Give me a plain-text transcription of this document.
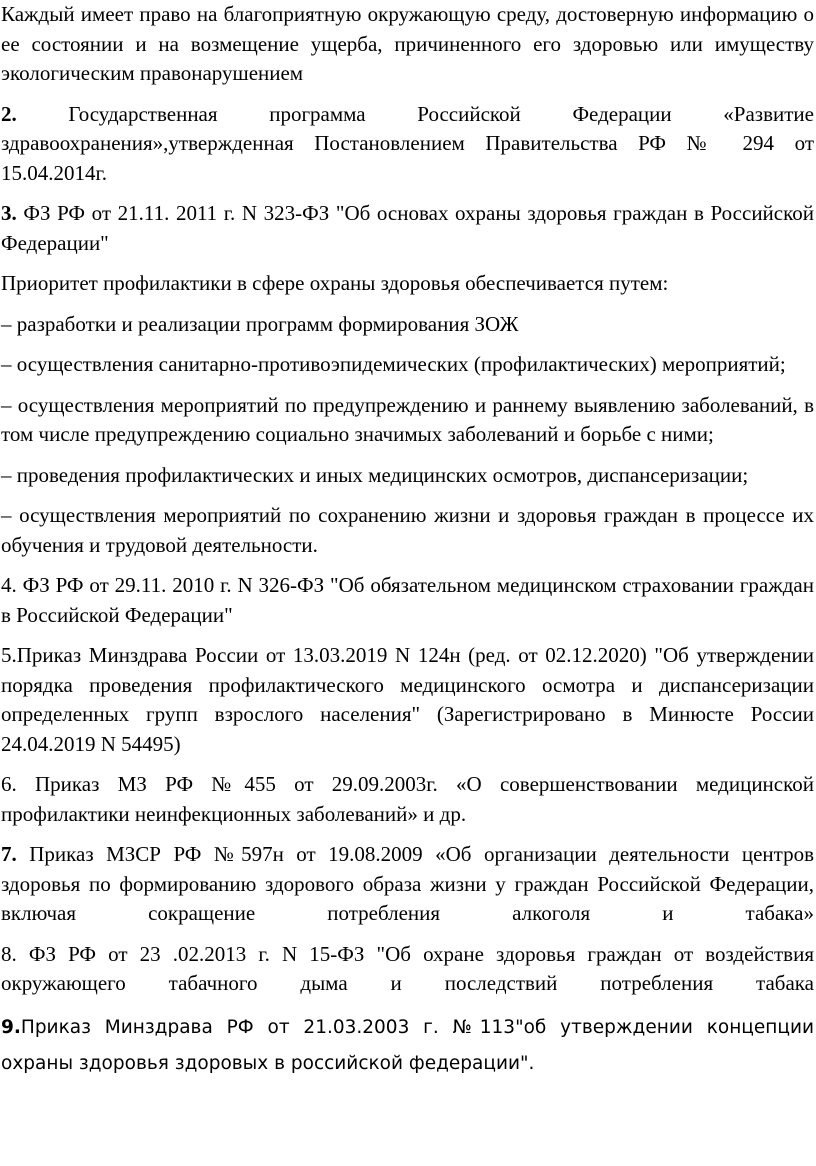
Каждый имеет право на благоприятную окружающую среду, достоверную информацию о ее состоянии и на возмещение ущерба, причиненного его здоровью или имуществу экологическим правонарушением

2. Государственная программа Российской Федерации «Развитие здравоохранения»,утвержденная Постановлением Правительства РФ № 294 от 15.04.2014г.

3. ФЗ РФ от 21.11. 2011 г. N 323-ФЗ "Об основах охраны здоровья граждан в Российской Федерации"

Приоритет профилактики в сфере охраны здоровья обеспечивается путем:

– разработки и реализации программ формирования ЗОЖ

– осуществления санитарно-противоэпидемических (профилактических) мероприятий;

– осуществления мероприятий по предупреждению и раннему выявлению заболеваний, в том числе предупреждению социально значимых заболеваний и борьбе с ними;

– проведения профилактических и иных медицинских осмотров, диспансеризации;

– осуществления мероприятий по сохранению жизни и здоровья граждан в процессе их обучения и трудовой деятельности.

4. ФЗ РФ от 29.11. 2010 г. N 326-ФЗ "Об обязательном медицинском страховании граждан в Российской Федерации"

5.Приказ Минздрава России от 13.03.2019 N 124н (ред. от 02.12.2020) "Об утверждении порядка проведения профилактического медицинского осмотра и диспансеризации определенных групп взрослого населения" (Зарегистрировано в Минюсте России 24.04.2019 N 54495)

6. Приказ МЗ РФ №455 от 29.09.2003г. «О совершенствовании медицинской профилактики неинфекционных заболеваний» и др.

7. Приказ МЗСР РФ №597н от 19.08.2009 «Об организации деятельности центров здоровья по формированию здорового образа жизни у граждан Российской Федерации, включая сокращение потребления алкоголя и табака»

8. ФЗ РФ от 23 .02.2013 г. N 15-ФЗ "Об охране здоровья граждан от воздействия окружающего табачного дыма и последствий потребления табака

9.Приказ Минздрава РФ от 21.03.2003 г. №113"об утверждении концепции охраны здоровья здоровых в российской федерации".
